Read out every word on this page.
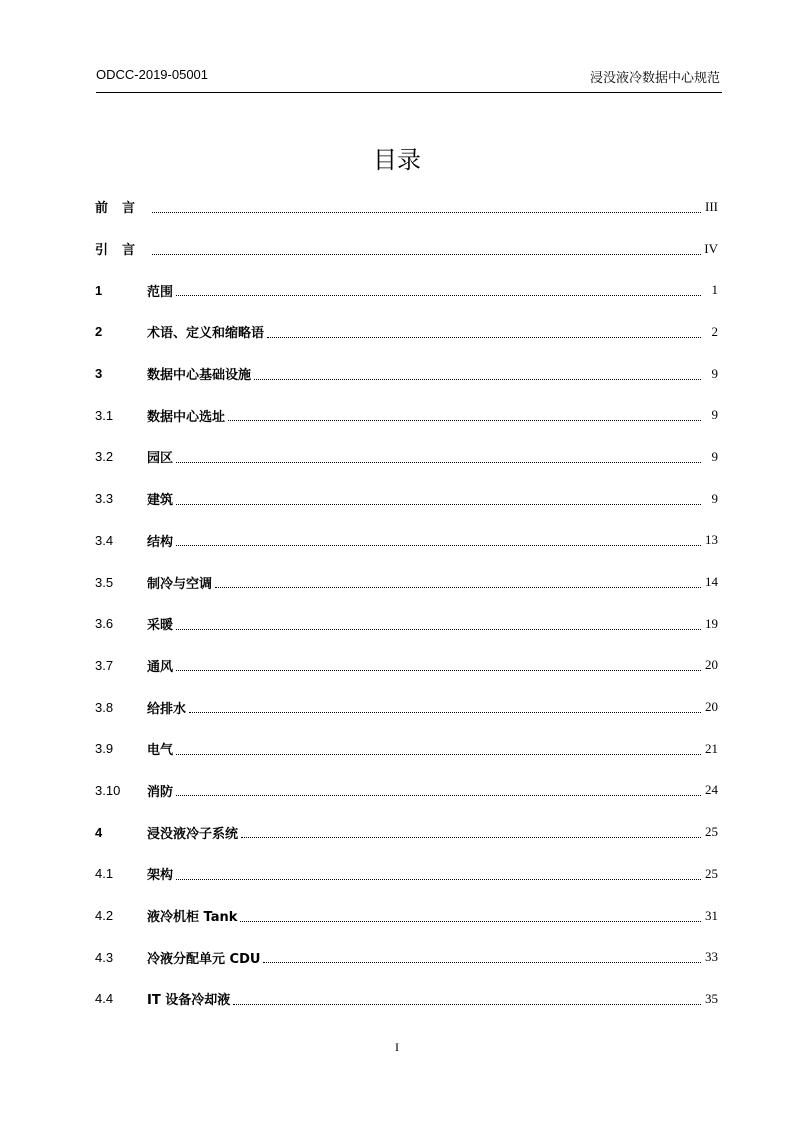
ODCC-2019-05001	浸没液冷数据中心规范
目录
前言	III
引言	IV
1	范围	1
2	术语、定义和缩略语	2
3	数据中心基础设施	9
3.1	数据中心选址	9
3.2	园区	9
3.3	建筑	9
3.4	结构	13
3.5	制冷与空调	14
3.6	采暖	19
3.7	通风	20
3.8	给排水	20
3.9	电气	21
3.10	消防	24
4	浸没液冷子系统	25
4.1	架构	25
4.2	液冷机柜 Tank	31
4.3	冷液分配单元 CDU	33
4.4	IT 设备冷却液	35
I
